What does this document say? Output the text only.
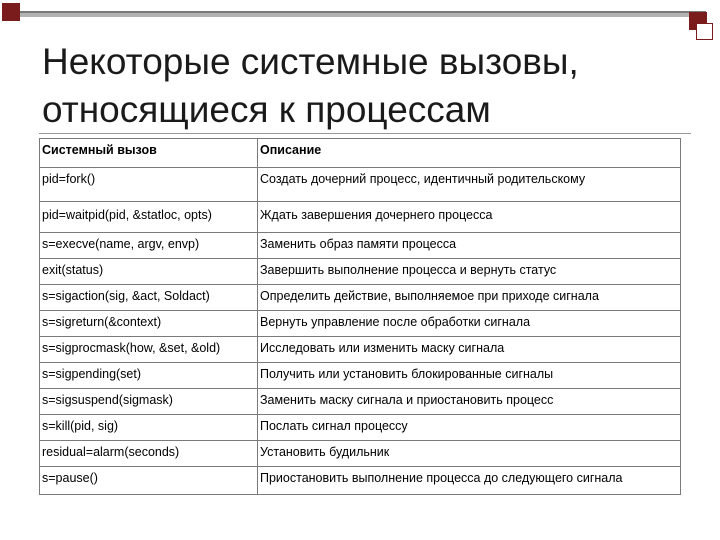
Некоторые системные вызовы, относящиеся к процессам
Системный вызов	Описание
pid=fork()	Создать дочерний процесс, идентичный родительскому
pid=waitpid(pid, &statloc, opts)	Ждать завершения дочернего процесса
s=execve(name, argv, envp)	Заменить образ памяти процесса
exit(status)	Завершить выполнение процесса и вернуть статус
s=sigaction(sig, &act, Soldact)	Определить действие, выполняемое при приходе сигнала
s=sigreturn(&context)	Вернуть управление после обработки сигнала
s=sigprocmask(how, &set, &old)	Исследовать или изменить маску сигнала
s=sigpending(set)	Получить или установить блокированные сигналы
s=sigsuspend(sigmask)	Заменить маску сигнала и приостановить процесс
s=kill(pid, sig)	Послать сигнал процессу
residual=alarm(seconds)	Установить будильник
s=pause()	Приостановить выполнение процесса до следующего сигнала
